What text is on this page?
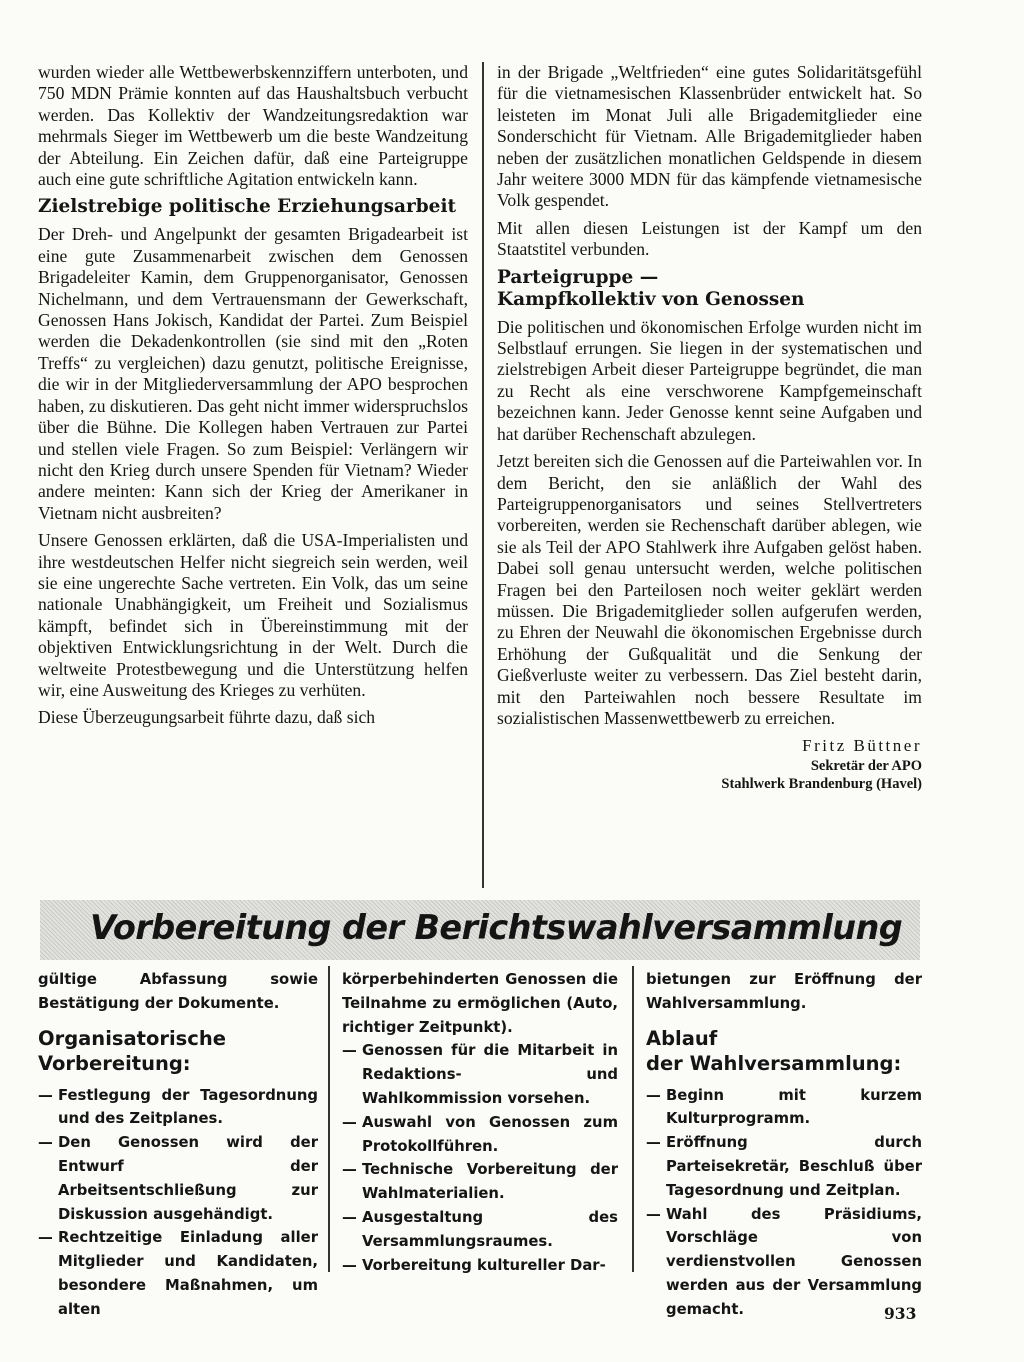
wurden wieder alle Wettbewerbskennziffern unterboten, und 750 MDN Prämie konnten auf das Haushaltsbuch verbucht werden. Das Kollektiv der Wandzeitungsredaktion war mehrmals Sieger im Wettbewerb um die beste Wandzeitung der Abteilung. Ein Zeichen dafür, daß eine Parteigruppe auch eine gute schriftliche Agitation entwickeln kann.

Zielstrebige politische Erziehungsarbeit

Der Dreh- und Angelpunkt der gesamten Brigadearbeit ist eine gute Zusammenarbeit zwischen dem Genossen Brigadeleiter Kamin, dem Gruppenorganisator, Genossen Nichelmann, und dem Vertrauensmann der Gewerkschaft, Genossen Hans Jokisch, Kandidat der Partei. Zum Beispiel werden die Dekadenkontrollen (sie sind mit den „Roten Treffs“ zu vergleichen) dazu genutzt, politische Ereignisse, die wir in der Mitgliederversammlung der APO besprochen haben, zu diskutieren. Das geht nicht immer widerspruchslos über die Bühne. Die Kollegen haben Vertrauen zur Partei und stellen viele Fragen. So zum Beispiel: Verlängern wir nicht den Krieg durch unsere Spenden für Vietnam? Wieder andere meinten: Kann sich der Krieg der Amerikaner in Vietnam nicht ausbreiten?

Unsere Genossen erklärten, daß die USA-Imperialisten und ihre westdeutschen Helfer nicht siegreich sein werden, weil sie eine ungerechte Sache vertreten. Ein Volk, das um seine nationale Unabhängigkeit, um Freiheit und Sozialismus kämpft, befindet sich in Übereinstimmung mit der objektiven Entwicklungsrichtung in der Welt. Durch die weltweite Protestbewegung und die Unterstützung helfen wir, eine Ausweitung des Krieges zu verhüten.

Diese Überzeugungsarbeit führte dazu, daß sich

in der Brigade „Weltfrieden“ eine gutes Solidaritätsgefühl für die vietnamesischen Klassenbrüder entwickelt hat. So leisteten im Monat Juli alle Brigademitglieder eine Sonderschicht für Vietnam. Alle Brigademitglieder haben neben der zusätzlichen monatlichen Geldspende in diesem Jahr weitere 3000 MDN für das kämpfende vietnamesische Volk gespendet.

Mit allen diesen Leistungen ist der Kampf um den Staatstitel verbunden.

Parteigruppe —
Kampfkollektiv von Genossen

Die politischen und ökonomischen Erfolge wurden nicht im Selbstlauf errungen. Sie liegen in der systematischen und zielstrebigen Arbeit dieser Parteigruppe begründet, die man zu Recht als eine verschworene Kampfgemeinschaft bezeichnen kann. Jeder Genosse kennt seine Aufgaben und hat darüber Rechenschaft abzulegen.

Jetzt bereiten sich die Genossen auf die Parteiwahlen vor. In dem Bericht, den sie anläßlich der Wahl des Parteigruppenorganisators und seines Stellvertreters vorbereiten, werden sie Rechenschaft darüber ablegen, wie sie als Teil der APO Stahlwerk ihre Aufgaben gelöst haben. Dabei soll genau untersucht werden, welche politischen Fragen bei den Parteilosen noch weiter geklärt werden müssen. Die Brigademitglieder sollen aufgerufen werden, zu Ehren der Neuwahl die ökonomischen Ergebnisse durch Erhöhung der Gußqualität und die Senkung der Gießverluste weiter zu verbessern. Das Ziel besteht darin, mit den Parteiwahlen noch bessere Resultate im sozialistischen Massenwettbewerb zu erreichen.

Fritz Büttner
Sekretär der APO
Stahlwerk Brandenburg (Havel)
Vorbereitung der Berichtswahlversammlung

gültige Abfassung sowie Bestätigung der Dokumente.

Organisatorische
Vorbereitung:
— Festlegung der Tagesordnung und des Zeitplanes.
— Den Genossen wird der Entwurf der Arbeitsentschließung zur Diskussion ausgehändigt.
— Rechtzeitige Einladung aller Mitglieder und Kandidaten, besondere Maßnahmen, um alten

körperbehinderten Genossen die Teilnahme zu ermöglichen (Auto, richtiger Zeitpunkt).

— Genossen für die Mitarbeit in Redaktions- und Wahlkommission vorsehen.
— Auswahl von Genossen zum Protokollführen.
— Technische Vorbereitung der Wahlmaterialien.
— Ausgestaltung des Versammlungsraumes.
— Vorbereitung kultureller Dar-

bietungen zur Eröffnung der Wahlversammlung.

Ablauf
der Wahlversammlung:
— Beginn mit kurzem Kulturprogramm.
— Eröffnung durch Parteisekretär, Beschluß über Tagesordnung und Zeitplan.
— Wahl des Präsidiums, Vorschläge von verdienstvollen Genossen werden aus der Versammlung gemacht.	933
